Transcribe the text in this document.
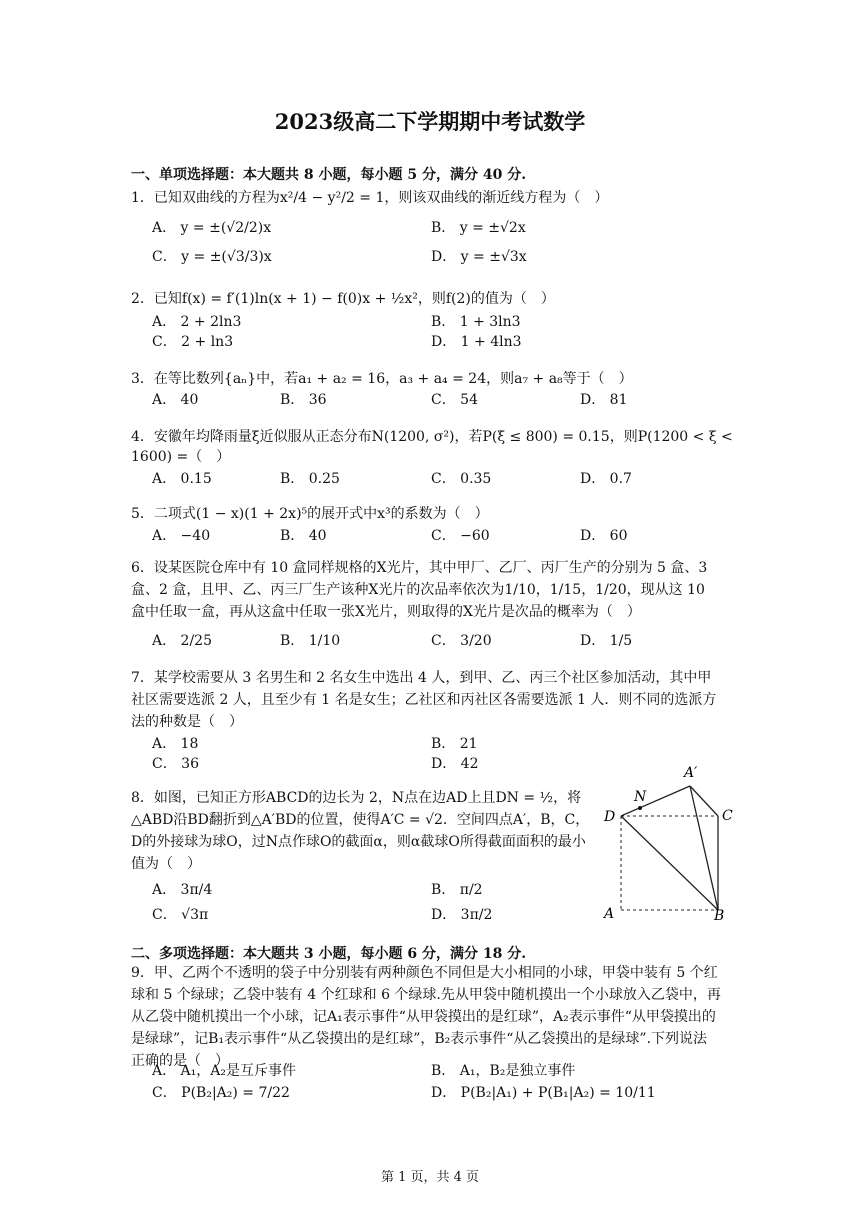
2023级高二下学期期中考试数学
一、单项选择题：本大题共 8 小题，每小题 5 分，满分 40 分.
1．已知双曲线的方程为x²/4 − y²/2 = 1，则该双曲线的渐近线方程为（　）
A． y = ±(√2/2)x	B． y = ±√2x
C． y = ±(√3/3)x	D． y = ±√3x
2．已知f(x) = f′(1)ln(x + 1) − f(0)x + ½x²，则f(2)的值为（　）
A． 2 + 2ln3	B． 1 + 3ln3
C． 2 + ln3	D． 1 + 4ln3
3．在等比数列{aₙ}中，若a₁ + a₂ = 16，a₃ + a₄ = 24，则a₇ + a₈等于（　）
A． 40	B． 36	C． 54	D． 81
4．安徽年均降雨量ξ近似服从正态分布N(1200, σ²)，若P(ξ ≤ 800) = 0.15，则P(1200 < ξ <
1600) =（　）
A． 0.15	B． 0.25	C． 0.35	D． 0.7
5．二项式(1 − x)(1 + 2x)⁵的展开式中x³的系数为（　）
A． −40	B． 40	C． −60	D． 60
6．设某医院仓库中有 10 盒同样规格的X光片，其中甲厂、乙厂、丙厂生产的分别为 5 盒、3 盒、2 盒，且甲、乙、丙三厂生产该种X光片的次品率依次为1/10，1/15，1/20，现从这 10 盒中任取一盒，再从这盒中任取一张X光片，则取得的X光片是次品的概率为（　）
A． 2/25	B． 1/10	C． 3/20	D． 1/5
7．某学校需要从 3 名男生和 2 名女生中选出 4 人，到甲、乙、丙三个社区参加活动，其中甲社区需要选派 2 人，且至少有 1 名是女生；乙社区和丙社区各需要选派 1 人．则不同的选派方法的种数是（　）
A． 18	B． 21
C． 36	D． 42
8．如图，已知正方形ABCD的边长为 2，N点在边AD上且DN = ½，将△ABD沿BD翻折到△A′BD的位置，使得A′C = √2．空间四点A′，B，C，D的外接球为球O，过N点作球O的截面α，则α截球O所得截面面积的最小值为（　）
A． 3π/4	B． π/2
C． √3π	D． 3π/2
A′
N
D	C
A	B
二、多项选择题：本大题共 3 小题，每小题 6 分，满分 18 分.
9．甲、乙两个不透明的袋子中分别装有两种颜色不同但是大小相同的小球，甲袋中装有 5 个红球和 5 个绿球；乙袋中装有 4 个红球和 6 个绿球.先从甲袋中随机摸出一个小球放入乙袋中，再从乙袋中随机摸出一个小球，记A₁表示事件“从甲袋摸出的是红球”，A₂表示事件“从甲袋摸出的是绿球”，记B₁表示事件“从乙袋摸出的是红球”，B₂表示事件“从乙袋摸出的是绿球”.下列说法正确的是（　）
A． A₁，A₂是互斥事件	B． A₁，B₂是独立事件
C． P(B₂|A₂) = 7/22	D． P(B₂|A₁) + P(B₁|A₂) = 10/11
第 1 页，共 4 页
